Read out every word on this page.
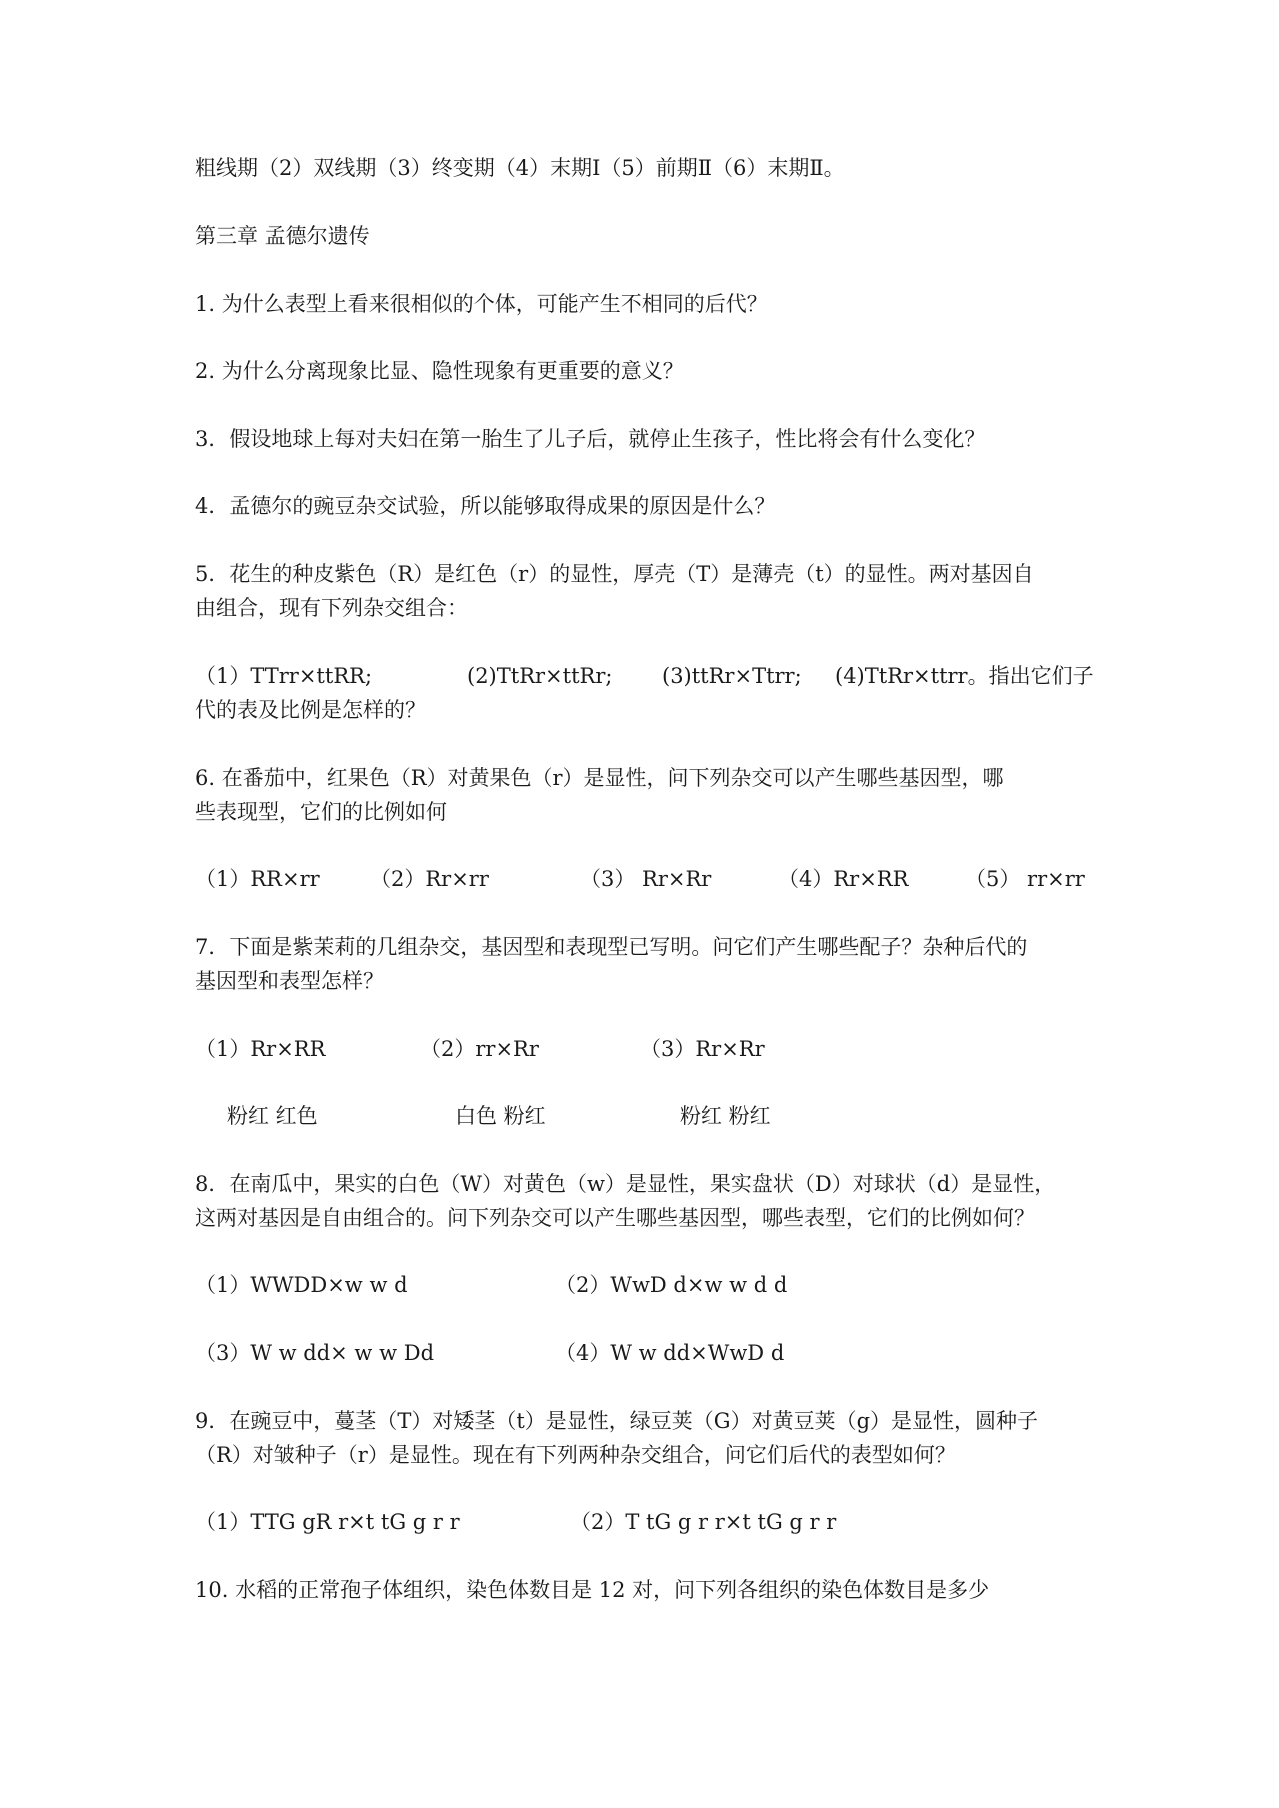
粗线期（2）双线期（3）终变期（4）末期Ⅰ（5）前期Ⅱ（6）末期Ⅱ。
第三章 孟德尔遗传
1. 为什么表型上看来很相似的个体，可能产生不相同的后代？
2. 为什么分离现象比显、隐性现象有更重要的意义？
3．假设地球上每对夫妇在第一胎生了儿子后，就停止生孩子，性比将会有什么变化？
4．孟德尔的豌豆杂交试验，所以能够取得成果的原因是什么？
5．花生的种皮紫色（R）是红色（r）的显性，厚壳（T）是薄壳（t）的显性。两对基因自
由组合，现有下列杂交组合：
（1）TTrr×ttRR;	(2)TtRr×ttRr; (3)ttRr×Ttrr; (4)TtRr×ttrr。指出它们子
代的表及比例是怎样的？
6. 在番茄中，红果色（R）对黄果色（r）是显性，问下列杂交可以产生哪些基因型，哪
些表现型，它们的比例如何
（1）RR×rr （2）Rr×rr	（3） Rr×Rr	（4）Rr×RR	（5） rr×rr
7．下面是紫茉莉的几组杂交，基因型和表现型已写明。问它们产生哪些配子？杂种后代的
基因型和表型怎样？
（1）Rr×RR	（2）rr×Rr	（3）Rr×Rr
粉红 红色	白色 粉红	粉红 粉红
8．在南瓜中，果实的白色（W）对黄色（w）是显性，果实盘状（D）对球状（d）是显性，
这两对基因是自由组合的。问下列杂交可以产生哪些基因型，哪些表型，它们的比例如何？
（1）WWDD×w w d	（2）WwD d×w w d d
（3）W w dd× w w Dd	（4）W w dd×WwD d
9．在豌豆中，蔓茎（T）对矮茎（t）是显性，绿豆荚（G）对黄豆荚（g）是显性，圆种子
（R）对皱种子（r）是显性。现在有下列两种杂交组合，问它们后代的表型如何？
（1）TTG gR r×t tG g r r	（2）T tG g r r×t tG g r r
10. 水稻的正常孢子体组织，染色体数目是 12 对，问下列各组织的染色体数目是多少
